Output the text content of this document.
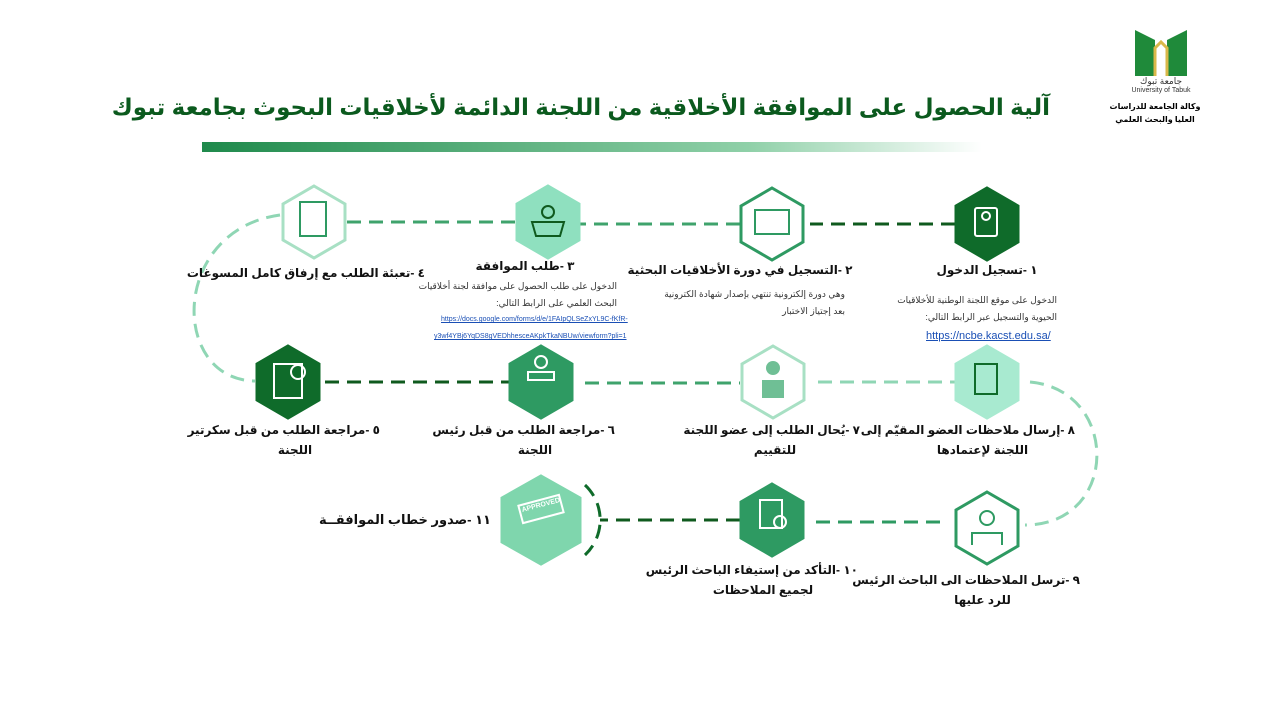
جامعة تبوك
University of Tabuk
وكالة الجامعة للدراسات
العليا والبحث العلمي
آلية الحصول على الموافقة الأخلاقية من اللجنة الدائمة لأخلاقيات البحوث بجامعة تبوك
١ -تسجيل الدخول
الدخول على موقع اللجنة الوطنية للأخلاقيات
الحيوية والتسجيل عبر الرابط التالي:
https://ncbe.kacst.edu.sa/
٢ -التسجيل في دورة الأخلاقيات البحثية
وهي دورة إلكترونية تنتهي بإصدار شهادة الكترونية
بعد إجتياز الاختبار
٣ -طلب الموافقة
الدخول على طلب الحصول على موافقة لجنة أخلاقيات
البحث العلمي على الرابط التالي:
https://docs.google.com/forms/d/e/1FAIpQLSeZxYL9C-fKfR-
y3wf4YBj6YqDS8gVEDhhesceAKpkTkaNBUw/viewform?pli=1
٤ -تعبئة الطلب مع إرفاق كامل المسوغات
٥ -مراجعة الطلب من قبل سكرتير
اللجنة
٦ -مراجعة الطلب من قبل رئيس
اللجنة
٧ -يُحال الطلب إلى عضو اللجنة
للتقييم
٨ -إرسال ملاحظات العضو المقيّم إلى
اللجنة لإعتمادها
٩ -ترسل الملاحظات الى الباحث الرئيس
للرد عليها
١٠ -التأكد من إستيفاء الباحث الرئيس
لجميع الملاحظات
١١ -صدور خطاب الموافقــة
APPROVED
